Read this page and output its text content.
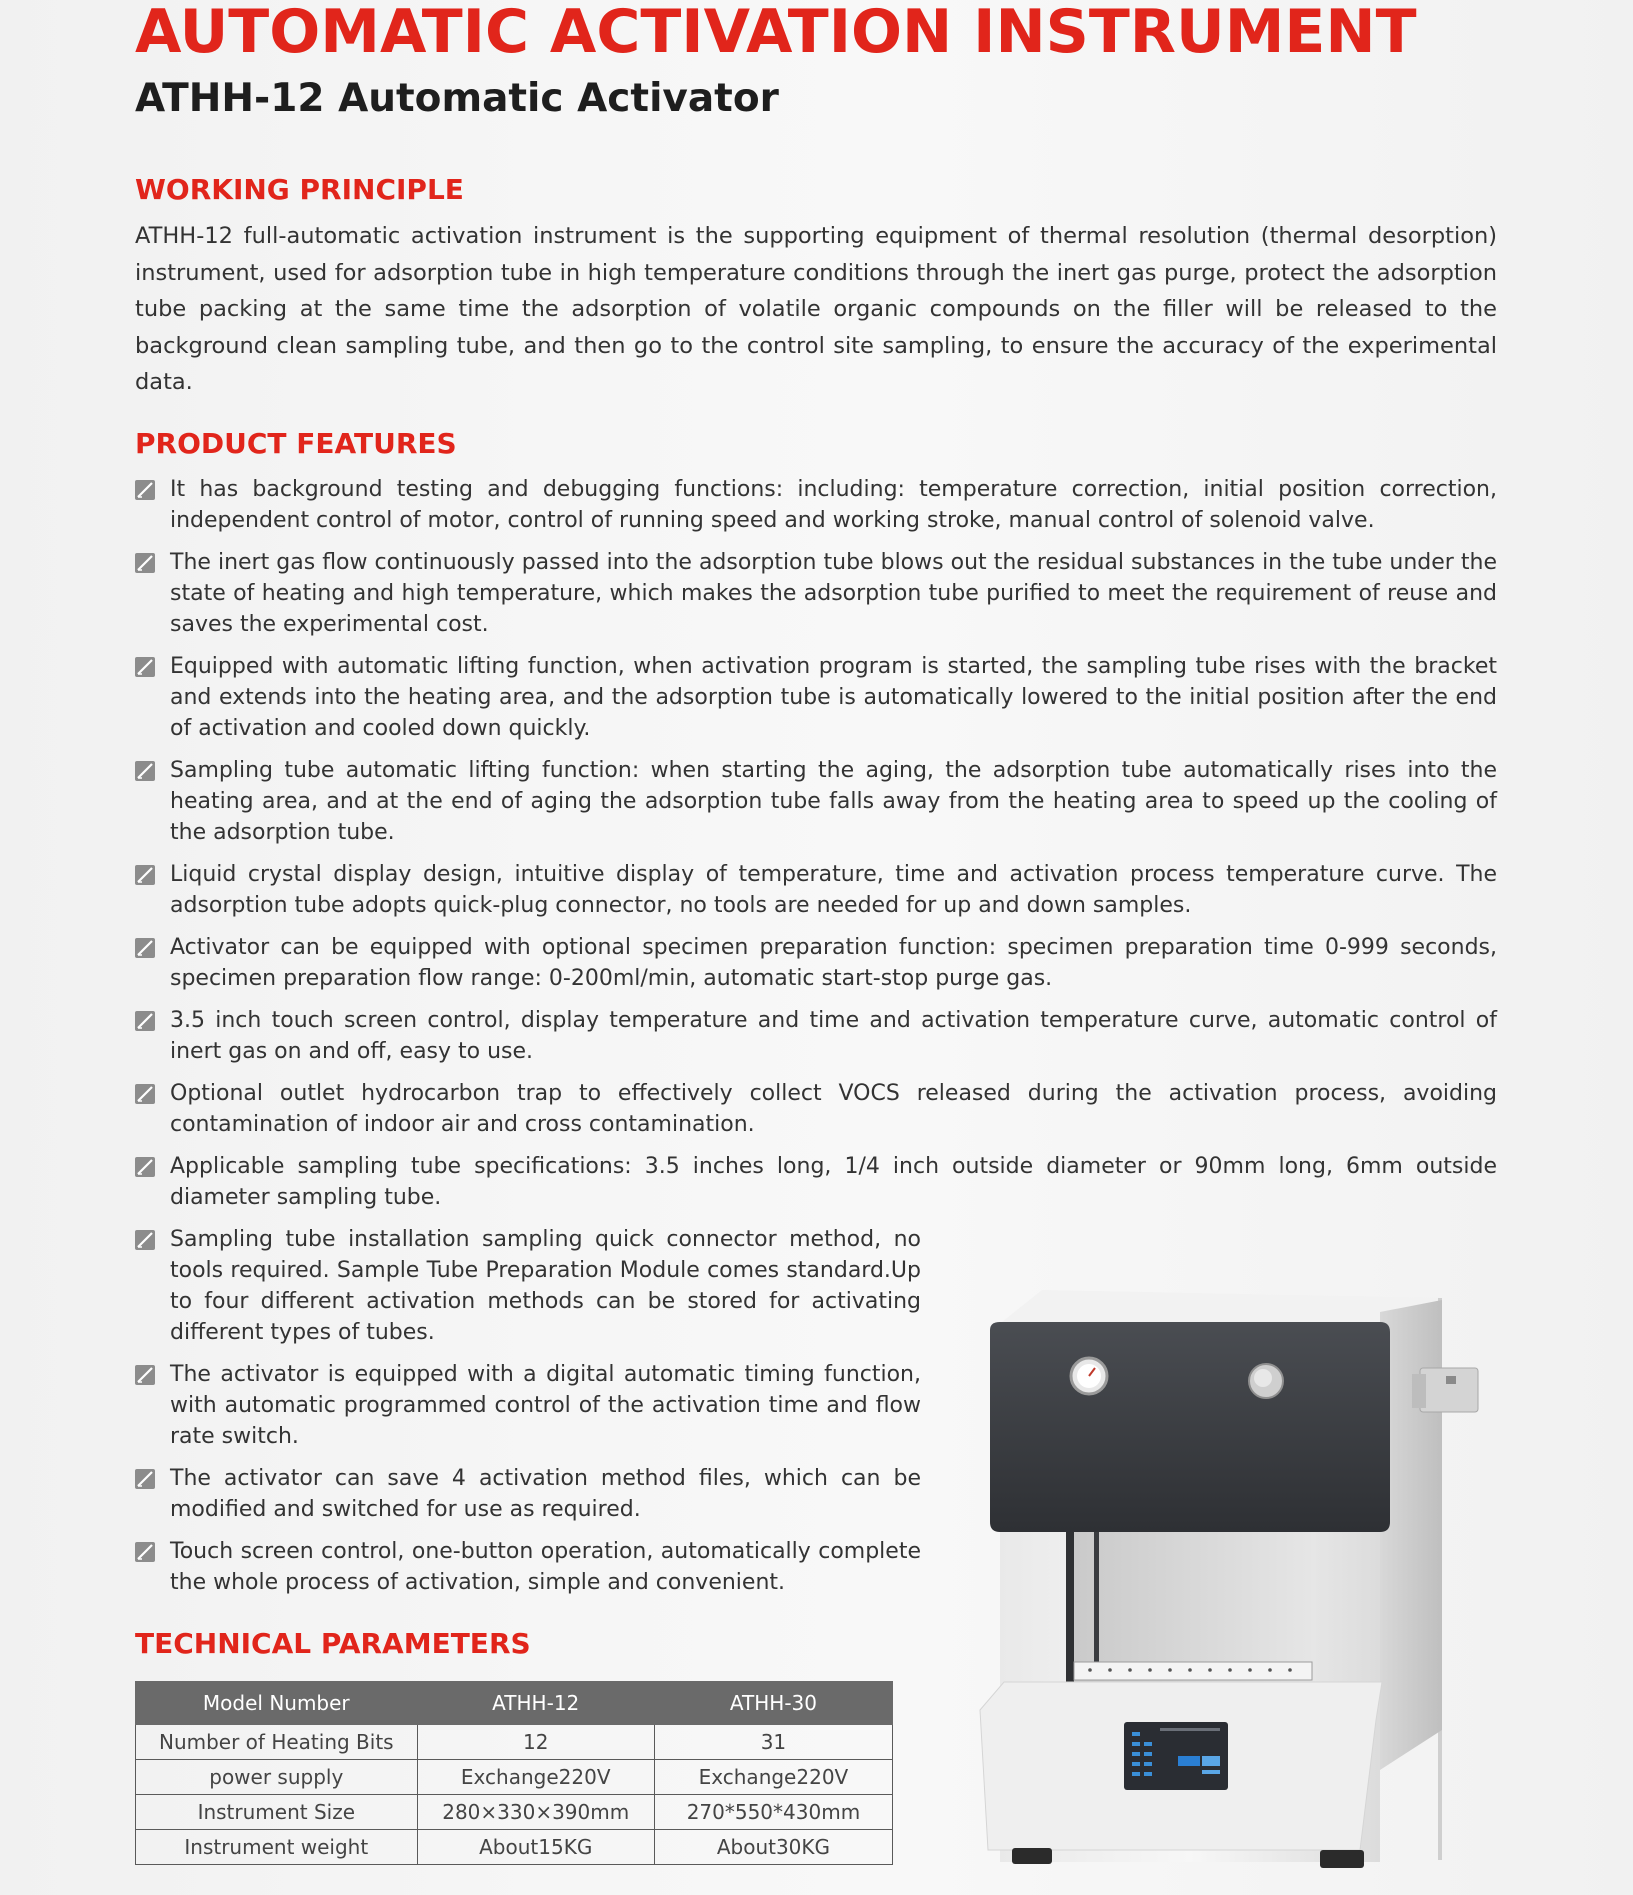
AUTOMATIC ACTIVATION INSTRUMENT
ATHH-12 Automatic Activator
WORKING PRINCIPLE
ATHH-12 full-automatic activation instrument is the supporting equipment of thermal resolution (thermal desorption) instrument, used for adsorption tube in high temperature conditions through the inert gas purge, protect the adsorption tube packing at the same time the adsorption of volatile organic compounds on the filler will be released to the background clean sampling tube, and then go to the control site sampling, to ensure the accuracy of the experimental data.
PRODUCT FEATURES
It has background testing and debugging functions: including: temperature correction, initial position correction, independent control of motor, control of running speed and working stroke, manual control of solenoid valve.
The inert gas flow continuously passed into the adsorption tube blows out the residual substances in the tube under the state of heating and high temperature, which makes the adsorption tube purified to meet the requirement of reuse and saves the experimental cost.
Equipped with automatic lifting function, when activation program is started, the sampling tube rises with the bracket and extends into the heating area, and the adsorption tube is automatically lowered to the initial position after the end of activation and cooled down quickly.
Sampling tube automatic lifting function: when starting the aging, the adsorption tube automatically rises into the heating area, and at the end of aging the adsorption tube falls away from the heating area to speed up the cooling of the adsorption tube.
Liquid crystal display design, intuitive display of temperature, time and activation process temperature curve. The adsorption tube adopts quick-plug connector, no tools are needed for up and down samples.
Activator can be equipped with optional specimen preparation function: specimen preparation time 0-999 seconds, specimen preparation flow range: 0-200ml/min, automatic start-stop purge gas.
3.5 inch touch screen control, display temperature and time and activation temperature curve, automatic control of inert gas on and off, easy to use.
Optional outlet hydrocarbon trap to effectively collect VOCS released during the activation process, avoiding contamination of indoor air and cross contamination.
Applicable sampling tube specifications: 3.5 inches long, 1/4 inch outside diameter or 90mm long, 6mm outside diameter sampling tube.
Sampling tube installation sampling quick connector method, no tools required. Sample Tube Preparation Module comes standard.Up to four different activation methods can be stored for activating different types of tubes.
The activator is equipped with a digital automatic timing function, with automatic programmed control of the activation time and flow rate switch.
The activator can save 4 activation method files, which can be modified and switched for use as required.
Touch screen control, one-button operation, automatically complete the whole process of activation, simple and convenient.
TECHNICAL PARAMETERS
Model Number	ATHH-12	ATHH-30
Number of Heating Bits	12	31
power supply	Exchange220V	Exchange220V
Instrument Size	280×330×390mm	270*550*430mm
Instrument weight	About15KG	About30KG
